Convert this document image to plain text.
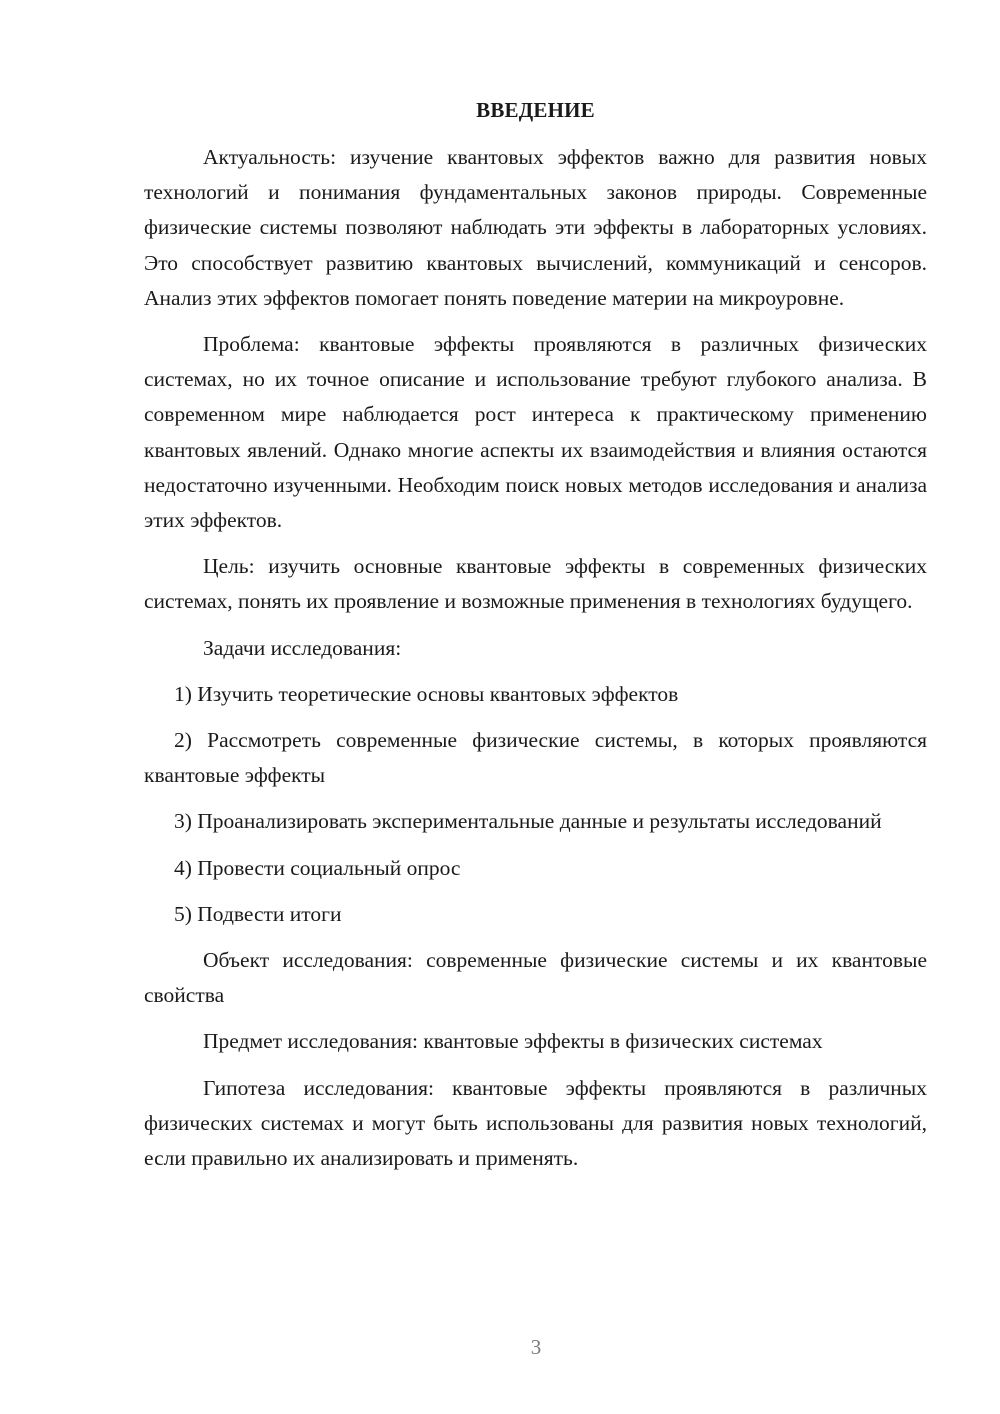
ВВЕДЕНИЕ

Актуальность: изучение квантовых эффектов важно для развития новых технологий и понимания фундаментальных законов природы. Современные физические системы позволяют наблюдать эти эффекты в лабораторных условиях. Это способствует развитию квантовых вычислений, коммуникаций и сенсоров. Анализ этих эффектов помогает понять поведение материи на микроуровне.

Проблема: квантовые эффекты проявляются в различных физических системах, но их точное описание и использование требуют глубокого анализа. В современном мире наблюдается рост интереса к практическому применению квантовых явлений. Однако многие аспекты их взаимодействия и влияния остаются недостаточно изученными. Необходим поиск новых методов исследования и анализа этих эффектов.

Цель: изучить основные квантовые эффекты в современных физических системах, понять их проявление и возможные применения в технологиях будущего.

Задачи исследования:

1) Изучить теоретические основы квантовых эффектов

2) Рассмотреть современные физические системы, в которых проявляются квантовые эффекты

3) Проанализировать экспериментальные данные и результаты исследований

4) Провести социальный опрос

5) Подвести итоги

Объект исследования: современные физические системы и их квантовые свойства

Предмет исследования: квантовые эффекты в физических системах

Гипотеза исследования: квантовые эффекты проявляются в различных физических системах и могут быть использованы для развития новых технологий, если правильно их анализировать и применять.

3
